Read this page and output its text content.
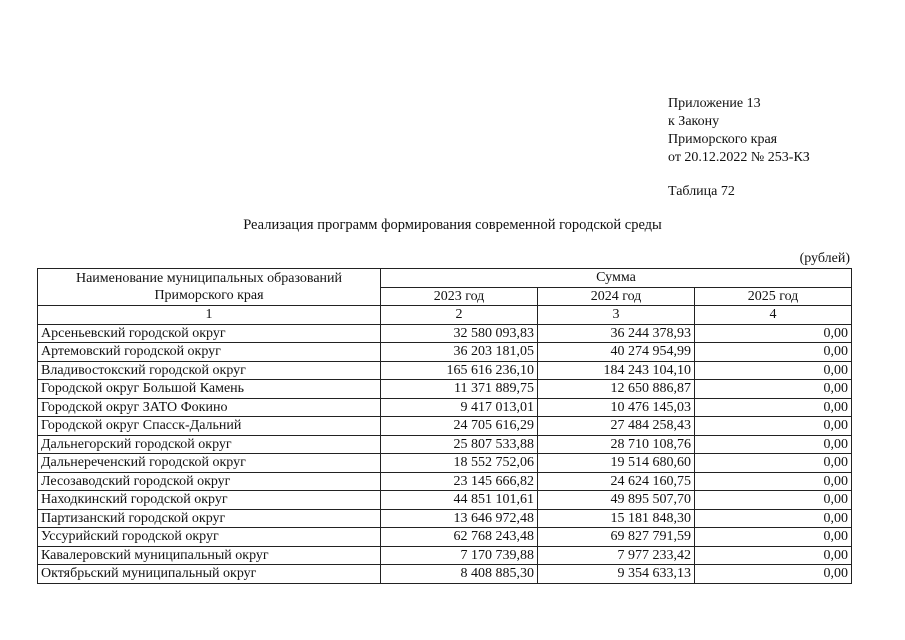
Приложение 13
к Закону
Приморского края
от 20.12.2022 № 253-КЗ
Таблица 72
Реализация программ формирования современной городской среды
(рублей)
Наименование муниципальных образований
Приморского края	Сумма		
	2023 год	2024 год	2025 год
1	2	3	4
Арсеньевский городской округ	32 580 093,83	36 244 378,93	0,00
Артемовский городской округ	36 203 181,05	40 274 954,99	0,00
Владивостокский городской округ	165 616 236,10	184 243 104,10	0,00
Городской округ Большой Камень	11 371 889,75	12 650 886,87	0,00
Городской округ ЗАТО Фокино	9 417 013,01	10 476 145,03	0,00
Городской округ Спасск-Дальний	24 705 616,29	27 484 258,43	0,00
Дальнегорский городской округ	25 807 533,88	28 710 108,76	0,00
Дальнереченский городской округ	18 552 752,06	19 514 680,60	0,00
Лесозаводский городской округ	23 145 666,82	24 624 160,75	0,00
Находкинский городской округ	44 851 101,61	49 895 507,70	0,00
Партизанский городской округ	13 646 972,48	15 181 848,30	0,00
Уссурийский городской округ	62 768 243,48	69 827 791,59	0,00
Кавалеровский муниципальный округ	7 170 739,88	7 977 233,42	0,00
Октябрьский муниципальный округ	8 408 885,30	9 354 633,13	0,00
